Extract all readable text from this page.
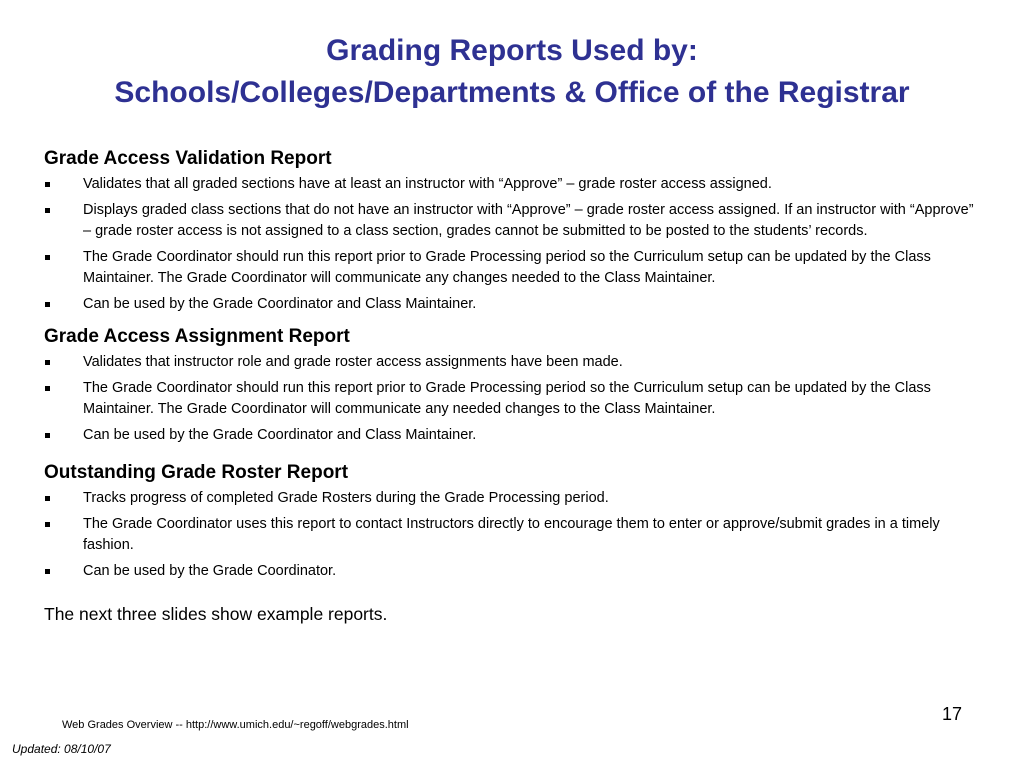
Grading Reports Used by:
Schools/Colleges/Departments & Office of the Registrar
Grade Access Validation Report
Validates that all graded sections have at least an instructor with “Approve” – grade roster access assigned.
Displays graded class sections that do not have an instructor with “Approve” – grade roster access assigned. If an instructor with “Approve” – grade roster access is not assigned to a class section, grades cannot be submitted to be posted to the students’ records.
The Grade Coordinator should run this report prior to Grade Processing period so the Curriculum setup can be updated by the Class Maintainer. The Grade Coordinator will communicate any changes needed to the Class Maintainer.
Can be used by the Grade Coordinator and Class Maintainer.
Grade Access Assignment Report
Validates that instructor role and grade roster access assignments have been made.
The Grade Coordinator should run this report prior to Grade Processing period so the Curriculum setup can be updated by the Class Maintainer. The Grade Coordinator will communicate any needed changes to the Class Maintainer.
Can be used by the Grade Coordinator and Class Maintainer.
Outstanding Grade Roster Report
Tracks progress of completed Grade Rosters during the Grade Processing period.
The Grade Coordinator uses this report to contact Instructors directly to encourage them to enter or approve/submit grades in a timely fashion.
Can be used by the Grade Coordinator.
The next three slides show example reports.
Web Grades Overview -- http://www.umich.edu/~regoff/webgrades.html
17
Updated: 08/10/07
